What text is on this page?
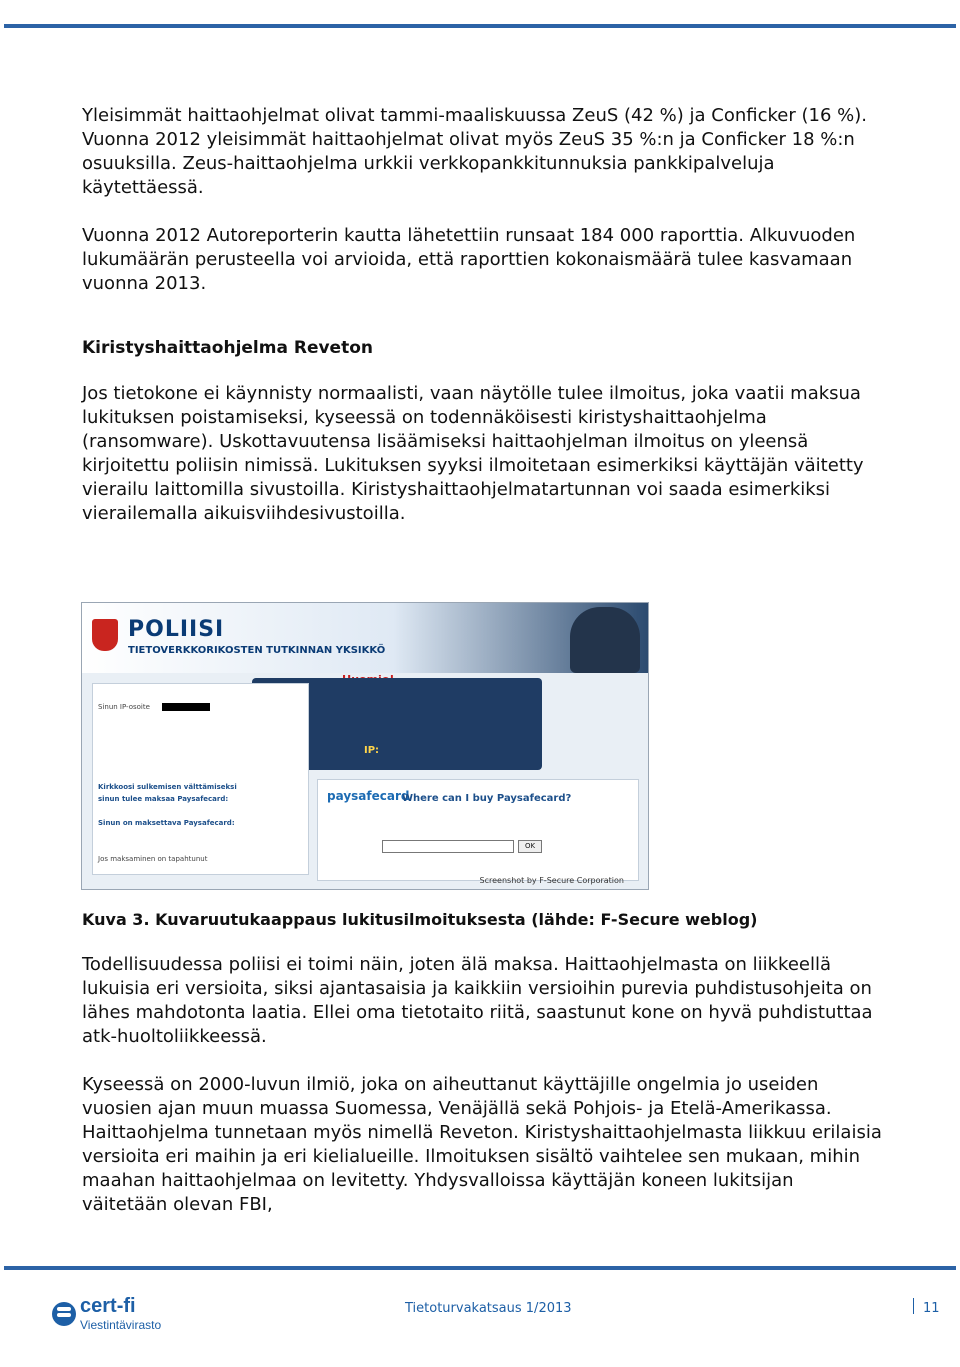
Yleisimmät haittaohjelmat olivat tammi-maaliskuussa ZeuS (42 %) ja Conficker (16 %). Vuonna 2012 yleisimmät haittaohjelmat olivat myös ZeuS 35 %:n ja Conficker 18 %:n osuuksilla. Zeus-haittaohjelma urkkii verkkopankkitunnuksia pankkipalveluja käytettäessä.

Vuonna 2012 Autoreporterin kautta lähetettiin runsaat 184 000 raporttia. Alkuvuoden lukumäärän perusteella voi arvioida, että raporttien kokonaismäärä tulee kasvamaan vuonna 2013.

Kiristyshaittaohjelma Reveton

Jos tietokone ei käynnisty normaalisti, vaan näytölle tulee ilmoitus, joka vaatii maksua lukituksen poistamiseksi, kyseessä on todennäköisesti kiristyshaittaohjelma (ransomware). Uskottavuutensa lisäämiseksi haittaohjelman ilmoitus on yleensä kirjoitettu poliisin nimissä. Lukituksen syyksi ilmoitetaan esimerkiksi käyttäjän väitetty vierailu laittomilla sivustoilla. Kiristyshaittaohjelmatartunnan voi saada esimerkiksi vierailemalla aikuisviihdesivustoilla.

POLIISI
TIETOVERKKORIKOSTEN TUTKINNAN YKSIKKÖ
IP:
Sinun IP-osoite
Kirkkoosi sulkemisen välttämiseksi
sinun tulee maksaa Paysafecard:
Sinun on maksettava Paysafecard:
Jos maksaminen on tapahtunut
paysafecard
Where can I buy Paysafecard?
OK
Screenshot by F-Secure Corporation
Kuva 3. Kuvaruutukaappaus lukitusilmoituksesta (lähde: F-Secure weblog)

Todellisuudessa poliisi ei toimi näin, joten älä maksa. Haittaohjelmasta on liikkeellä lukuisia eri versioita, siksi ajantasaisia ja kaikkiin versioihin purevia puhdistusohjeita on lähes mahdotonta laatia. Ellei oma tietotaito riitä, saastunut kone on hyvä puhdistuttaa atk-huoltoliikkeessä.

Kyseessä on 2000-luvun ilmiö, joka on aiheuttanut käyttäjille ongelmia jo useiden vuosien ajan muun muassa Suomessa, Venäjällä sekä Pohjois- ja Etelä-Amerikassa. Haittaohjelma tunnetaan myös nimellä Reveton. Kiristyshaittaohjelmasta liikkuu erilaisia versioita eri maihin ja eri kielialueille. Ilmoituksen sisältö vaihtelee sen mukaan, mihin maahan haittaohjelmaa on levitetty. Yhdysvalloissa käyttäjän koneen lukitsijan väitetään olevan FBI,

cert-fi
Viestintävirasto
Tietoturvakatsaus 1/2013	11
